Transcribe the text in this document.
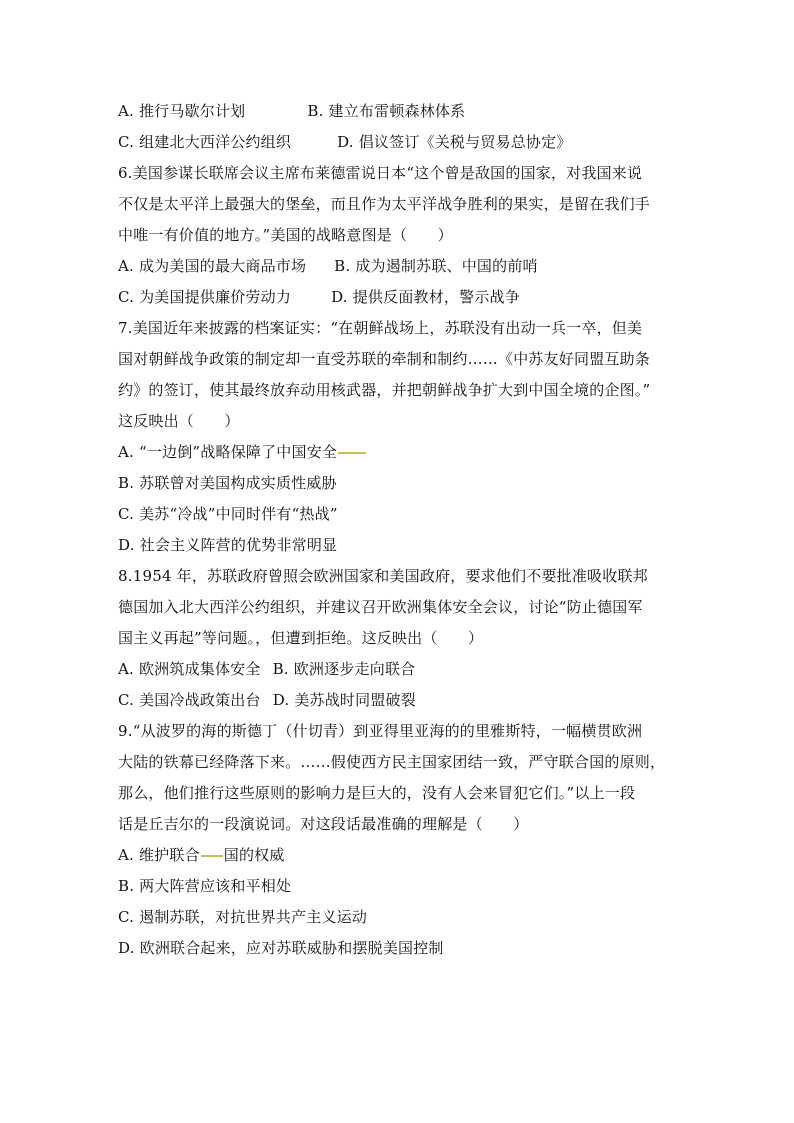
A. 推行马歇尔计划	B. 建立布雷顿森林体系
C. 组建北大西洋公约组织	D. 倡议签订《关税与贸易总协定》
6.美国参谋长联席会议主席布莱德雷说日本“这个曾是敌国的国家，对我国来说
不仅是太平洋上最强大的堡垒，而且作为太平洋战争胜利的果实，是留在我们手
中唯一有价值的地方。”美国的战略意图是（　　）
A. 成为美国的最大商品市场 B. 成为遏制苏联、中国的前哨
C. 为美国提供廉价劳动力	D. 提供反面教材，警示战争
7.美国近年来披露的档案证实：“在朝鲜战场上，苏联没有出动一兵一卒，但美
国对朝鲜战争政策的制定却一直受苏联的牵制和制约……《中苏友好同盟互助条
约》的签订，使其最终放弃动用核武器，并把朝鲜战争扩大到中国全境的企图。”
这反映出（　　）
A. “一边倒”战略保障了中国安全
B. 苏联曾对美国构成实质性威胁
C. 美苏“冷战”中同时伴有“热战”
D. 社会主义阵营的优势非常明显
8.1954 年，苏联政府曾照会欧洲国家和美国政府，要求他们不要批准吸收联邦
德国加入北大西洋公约组织，并建议召开欧洲集体安全会议，讨论“防止德国军
国主义再起”等问题。，但遭到拒绝。这反映出（　　）
A. 欧洲筑成集体安全 B. 欧洲逐步走向联合
C. 美国冷战政策出台 D. 美苏战时同盟破裂
9.“从波罗的海的斯德丁（什切青）到亚得里亚海的的里雅斯特，一幅横贯欧洲
大陆的铁幕已经降落下来。……假使西方民主国家团结一致，严守联合国的原则，
那么，他们推行这些原则的影响力是巨大的，没有人会来冒犯它们。”以上一段
话是丘吉尔的一段演说词。对这段话最准确的理解是（　　）
A. 维护联合 国的权威
B. 两大阵营应该和平相处
C. 遏制苏联，对抗世界共产主义运动
D. 欧洲联合起来，应对苏联威胁和摆脱美国控制
